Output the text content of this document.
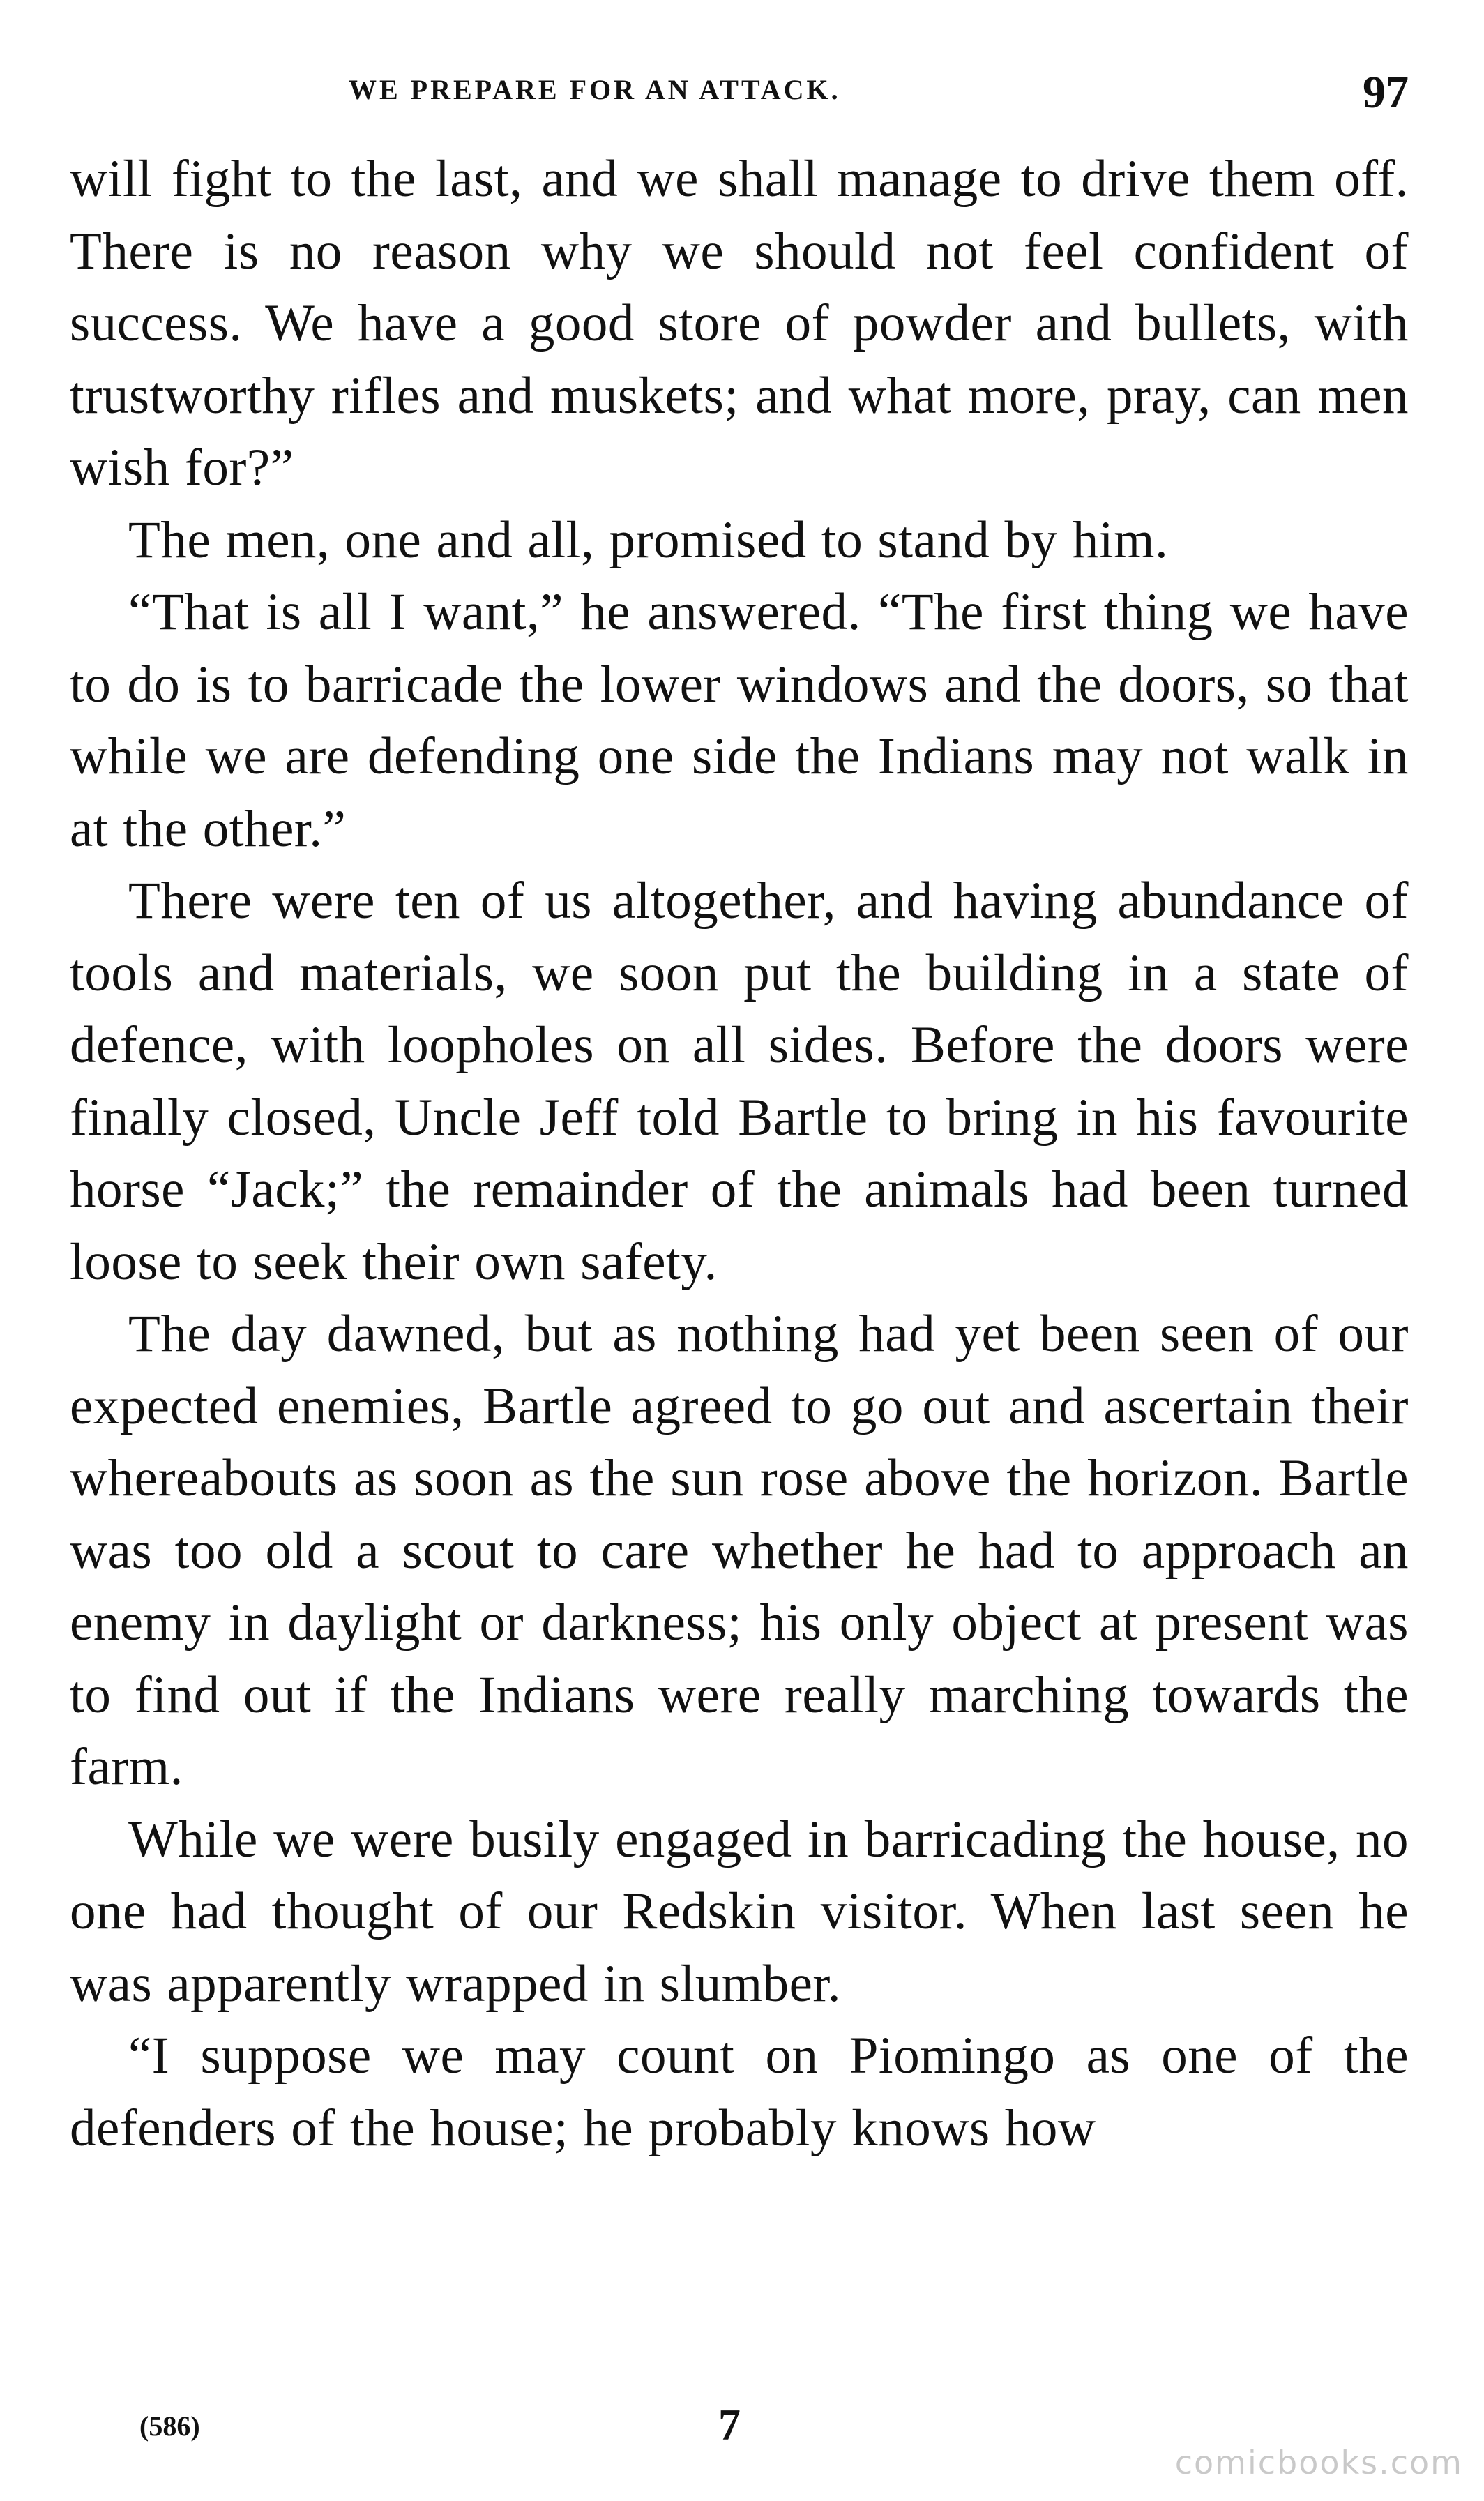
WE PREPARE FOR AN ATTACK.	97

will fight to the last, and we shall manage to drive them off. There is no reason why we should not feel confident of success. We have a good store of powder and bullets, with trustworthy rifles and muskets; and what more, pray, can men wish for?”

The men, one and all, promised to stand by him.

“That is all I want,” he answered. “The first thing we have to do is to barricade the lower windows and the doors, so that while we are defending one side the Indians may not walk in at the other.”

There were ten of us altogether, and having abundance of tools and materials, we soon put the building in a state of defence, with loopholes on all sides. Before the doors were finally closed, Uncle Jeff told Bartle to bring in his favourite horse “Jack;” the remainder of the animals had been turned loose to seek their own safety.

The day dawned, but as nothing had yet been seen of our expected enemies, Bartle agreed to go out and ascertain their whereabouts as soon as the sun rose above the horizon. Bartle was too old a scout to care whether he had to approach an enemy in daylight or darkness; his only object at present was to find out if the Indians were really marching towards the farm.

While we were busily engaged in barricading the house, no one had thought of our Redskin visitor. When last seen he was apparently wrapped in slumber.

“I suppose we may count on Piomingo as one of the defenders of the house; he probably knows how

(586)	7
comicbooks.com
